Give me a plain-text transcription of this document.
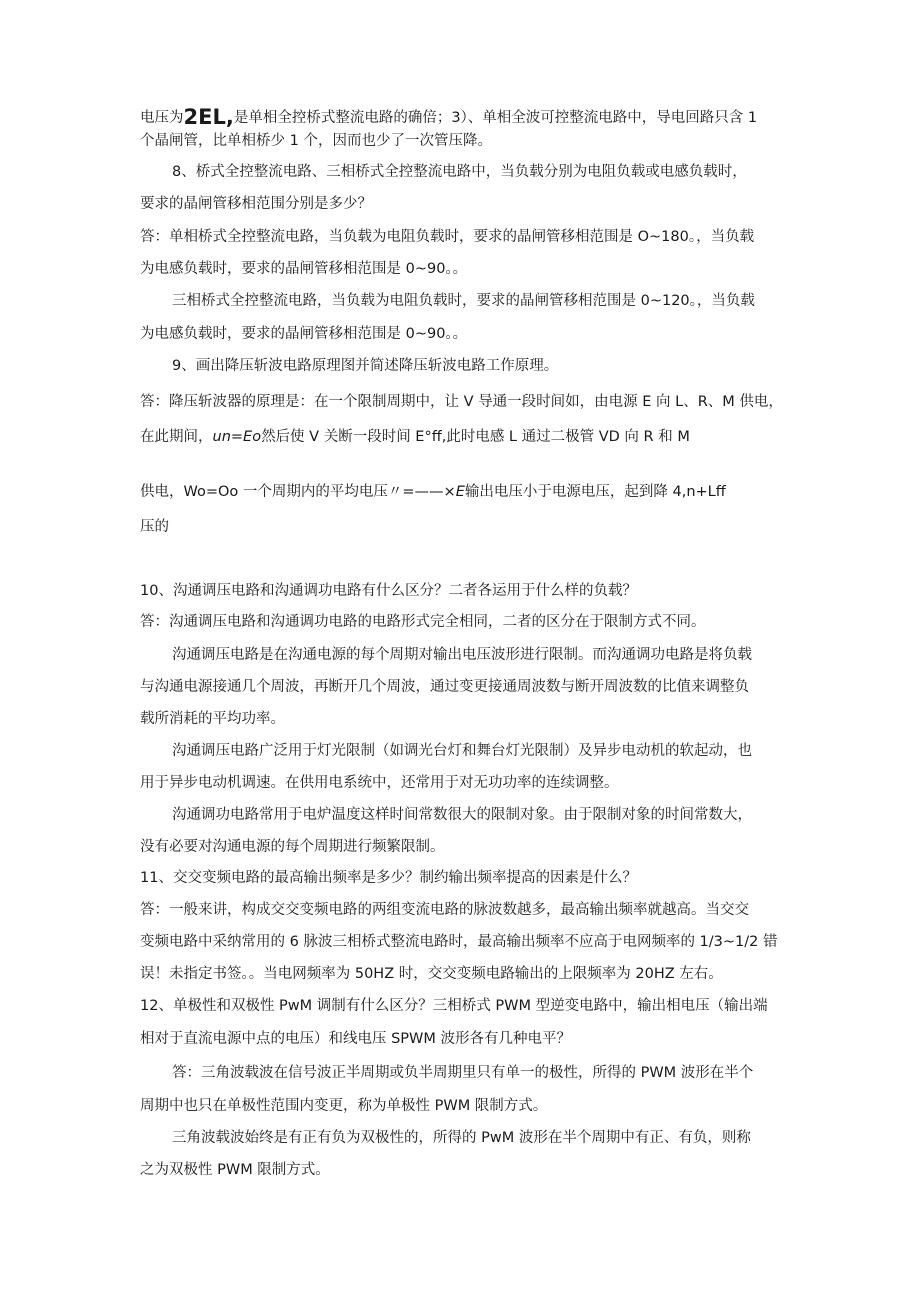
电压为2EL,是单相全控桥式整流电路的确倍；3）、单相全波可控整流电路中，导电回路只含 1
个晶闸管，比单相桥少 1 个，因而也少了一次管压降。
8、桥式全控整流电路、三相桥式全控整流电路中，当负载分别为电阻负载或电感负载时，
要求的晶闸管移相范围分别是多少？
答：单相桥式全控整流电路，当负载为电阻负载时，要求的晶闸管移相范围是 O~180。，当负载
为电感负载时，要求的晶闸管移相范围是 0~90。。
三相桥式全控整流电路，当负载为电阻负载时，要求的晶闸管移相范围是 0~120。，当负载
为电感负载时，要求的晶闸管移相范围是 0~90。。
9、画出降压斩波电路原理图并简述降压斩波电路工作原理。
答：降压斩波器的原理是：在一个限制周期中，让 V 导通一段时间如，由电源 E 向 L、R、M 供电，
在此期间，un=Eo然后使 V 关断一段时间 E°ff,此时电感 L 通过二极管 VD 向 R 和 M
供电，Wo=Oo 一个周期内的平均电压〃=——×E输出电压小于电源电压，起到降 4,n+Lff
压的
10、沟通调压电路和沟通调功电路有什么区分？二者各运用于什么样的负载？
答：沟通调压电路和沟通调功电路的电路形式完全相同，二者的区分在于限制方式不同。
沟通调压电路是在沟通电源的每个周期对输出电压波形进行限制。而沟通调功电路是将负载
与沟通电源接通几个周波，再断开几个周波，通过变更接通周波数与断开周波数的比值来调整负
载所消耗的平均功率。
沟通调压电路广泛用于灯光限制（如调光台灯和舞台灯光限制）及异步电动机的软起动，也
用于异步电动机调速。在供用电系统中，还常用于对无功功率的连续调整。
沟通调功电路常用于电炉温度这样时间常数很大的限制对象。由于限制对象的时间常数大，
没有必要对沟通电源的每个周期进行频繁限制。
11、交交变频电路的最高输出频率是多少？制约输出频率提高的因素是什么？
答：一般来讲，构成交交变频电路的两组变流电路的脉波数越多，最高输出频率就越高。当交交
变频电路中采纳常用的 6 脉波三相桥式整流电路时，最高输出频率不应高于电网频率的 1/3~1/2 错
误！未指定书签。。当电网频率为 50HZ 时，交交变频电路输出的上限频率为 20HZ 左右。
12、单极性和双极性 PwM 调制有什么区分？三相桥式 PWM 型逆变电路中，输出相电压（输出端
相对于直流电源中点的电压）和线电压 SPWM 波形各有几种电平？
答：三角波载波在信号波正半周期或负半周期里只有单一的极性，所得的 PWM 波形在半个
周期中也只在单极性范围内变更，称为单极性 PWM 限制方式。
三角波载波始终是有正有负为双极性的，所得的 PwM 波形在半个周期中有正、有负，则称
之为双极性 PWM 限制方式。
